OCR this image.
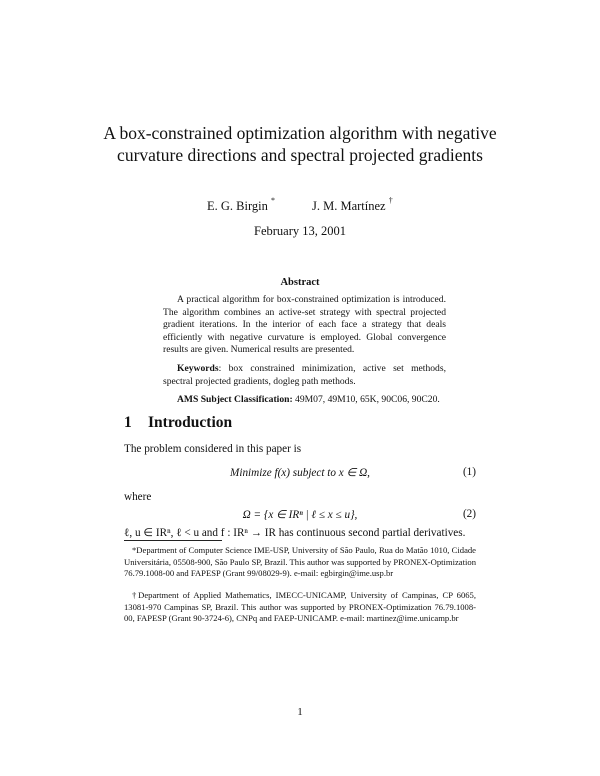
A box-constrained optimization algorithm with negative curvature directions and spectral projected gradients
E. G. Birgin *	J. M. Martínez †
February 13, 2001
Abstract

A practical algorithm for box-constrained optimization is introduced. The algorithm combines an active-set strategy with spectral projected gradient iterations. In the interior of each face a strategy that deals efficiently with negative curvature is employed. Global convergence results are given. Numerical results are presented.

Keywords: box constrained minimization, active set methods, spectral projected gradients, dogleg path methods.

AMS Subject Classification: 49M07, 49M10, 65K, 90C06, 90C20.

1 Introduction
The problem considered in this paper is
Minimize f(x) subject to x ∈ Ω,	(1)
where
Ω = {x ∈ IRⁿ | ℓ ≤ x ≤ u},	(2)
ℓ, u ∈ IRⁿ, ℓ < u and f : IRⁿ → IR has continuous second partial derivatives.

*Department of Computer Science IME-USP, University of São Paulo, Rua do Matão 1010, Cidade Universitária, 05508-900, São Paulo SP, Brazil. This author was supported by PRONEX-Optimization 76.79.1008-00 and FAPESP (Grant 99/08029-9). e-mail: egbirgin@ime.usp.br

†Department of Applied Mathematics, IMECC-UNICAMP, University of Campinas, CP 6065, 13081-970 Campinas SP, Brazil. This author was supported by PRONEX-Optimization 76.79.1008-00, FAPESP (Grant 90-3724-6), CNPq and FAEP-UNICAMP. e-mail: martinez@ime.unicamp.br

1
